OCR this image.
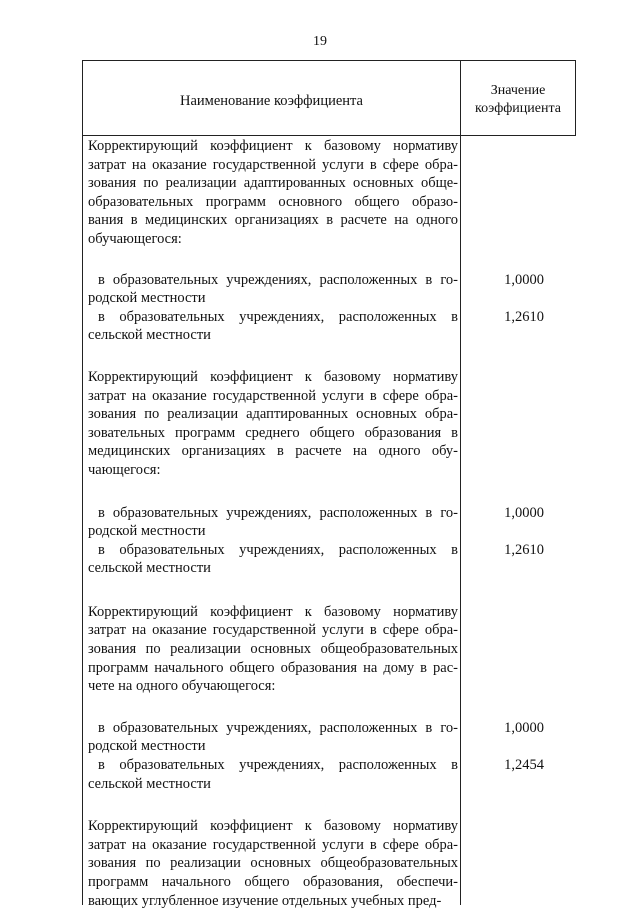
19
Наименование коэффициента
Значение
коэффициента
Корректирующий коэффициент к базовому нормативу
затрат на оказание государственной услуги в сфере обра-
зования по реализации адаптированных основных обще-
образовательных программ основного общего образо-
вания в медицинских организациях в расчете на одного
обучающегося:
в образовательных учреждениях, расположенных в го-
родской местности
1,0000
в образовательных учреждениях, расположенных в
сельской местности
1,2610
Корректирующий коэффициент к базовому нормативу
затрат на оказание государственной услуги в сфере обра-
зования по реализации адаптированных основных обра-
зовательных программ среднего общего образования в
медицинских организациях в расчете на одного обу-
чающегося:
в образовательных учреждениях, расположенных в го-
родской местности
1,0000
в образовательных учреждениях, расположенных в
сельской местности
1,2610
Корректирующий коэффициент к базовому нормативу
затрат на оказание государственной услуги в сфере обра-
зования по реализации основных общеобразовательных
программ начального общего образования на дому в рас-
чете на одного обучающегося:
в образовательных учреждениях, расположенных в го-
родской местности
1,0000
в образовательных учреждениях, расположенных в
сельской местности
1,2454
Корректирующий коэффициент к базовому нормативу
затрат на оказание государственной услуги в сфере обра-
зования по реализации основных общеобразовательных
программ начального общего образования, обеспечи-
вающих углубленное изучение отдельных учебных пред-
